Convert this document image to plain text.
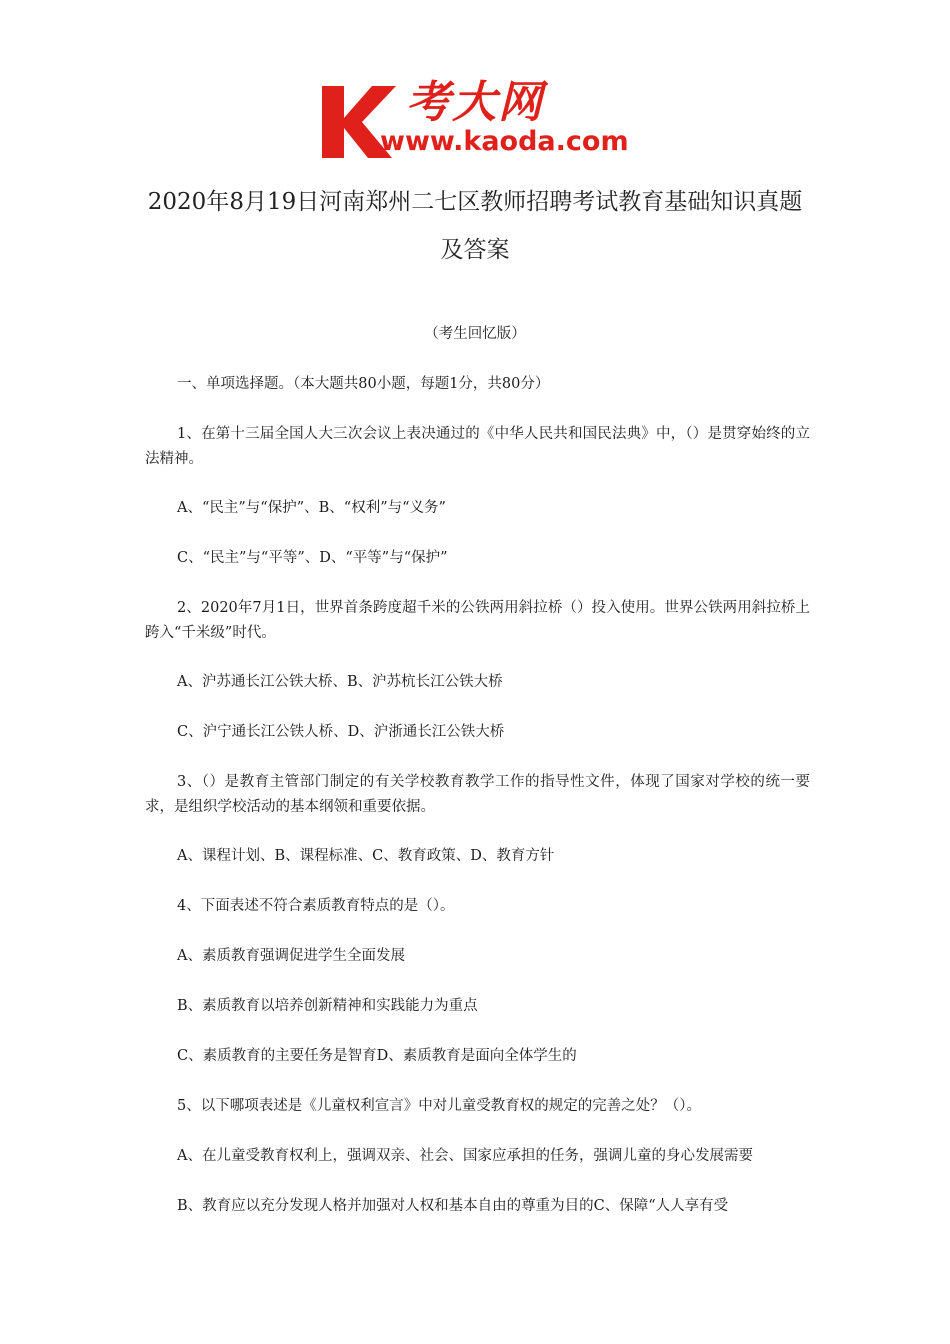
考大网
www.kaoda.com
2020年8月19日河南郑州二七区教师招聘考试教育基础知识真题及答案
（考生回忆版）
一、单项选择题。（本大题共80小题，每题1分，共80分）
1、在第十三届全国人大三次会议上表决通过的《中华人民共和国民法典》中，（）是贯穿始终的立法精神。
A、“民主”与“保护”、B、“权利”与“义务”
C、“民主”与“平等”、D、“平等”与“保护”
2、2020年7月1日，世界首条跨度超千米的公铁两用斜拉桥（）投入使用。世界公铁两用斜拉桥上跨入“千米级”时代。
A、沪苏通长江公铁大桥、B、沪苏杭长江公铁大桥
C、沪宁通长江公铁人桥、D、沪浙通长江公铁大桥
3、（）是教育主管部门制定的有关学校教育教学工作的指导性文件，体现了国家对学校的统一要求，是组织学校活动的基本纲领和重要依据。
A、课程计划、B、课程标准、C、教育政策、D、教育方针
4、下面表述不符合素质教育特点的是（）。
A、素质教育强调促进学生全面发展
B、素质教育以培养创新精神和实践能力为重点
C、素质教育的主要任务是智育D、素质教育是面向全体学生的
5、以下哪项表述是《儿童权利宣言》中对儿童受教育权的规定的完善之处？（）。
A、在儿童受教育权利上，强调双亲、社会、国家应承担的任务，强调儿童的身心发展需要
B、教育应以充分发现人格并加强对人权和基本自由的尊重为目的C、保障“人人享有受
